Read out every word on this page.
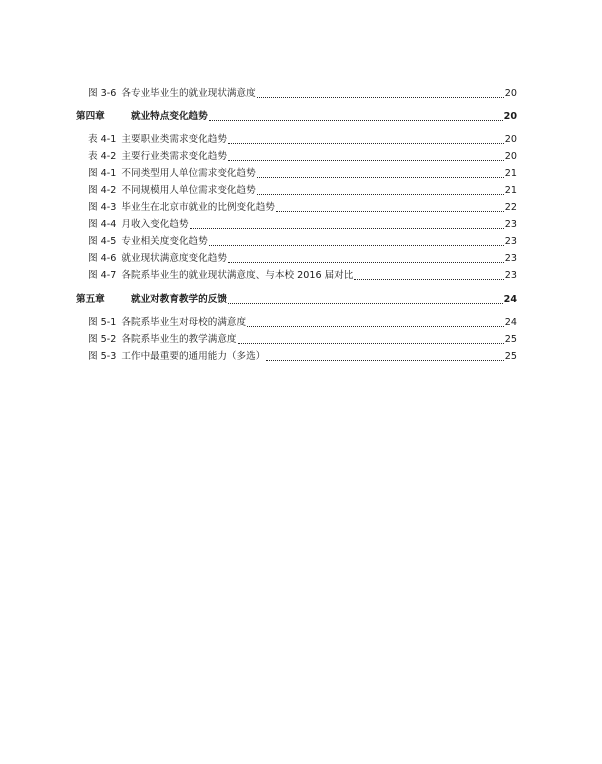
图 3-6 各专业毕业生的就业现状满意度	20
第四章	就业特点变化趋势	20
表 4-1 主要职业类需求变化趋势	20
表 4-2 主要行业类需求变化趋势	20
图 4-1 不同类型用人单位需求变化趋势	21
图 4-2 不同规模用人单位需求变化趋势	21
图 4-3 毕业生在北京市就业的比例变化趋势	22
图 4-4 月收入变化趋势	23
图 4-5 专业相关度变化趋势	23
图 4-6 就业现状满意度变化趋势	23
图 4-7 各院系毕业生的就业现状满意度、与本校 2016 届对比	23
第五章	就业对教育教学的反馈	24
图 5-1 各院系毕业生对母校的满意度	24
图 5-2 各院系毕业生的教学满意度	25
图 5-3 工作中最重要的通用能力（多选）	25
